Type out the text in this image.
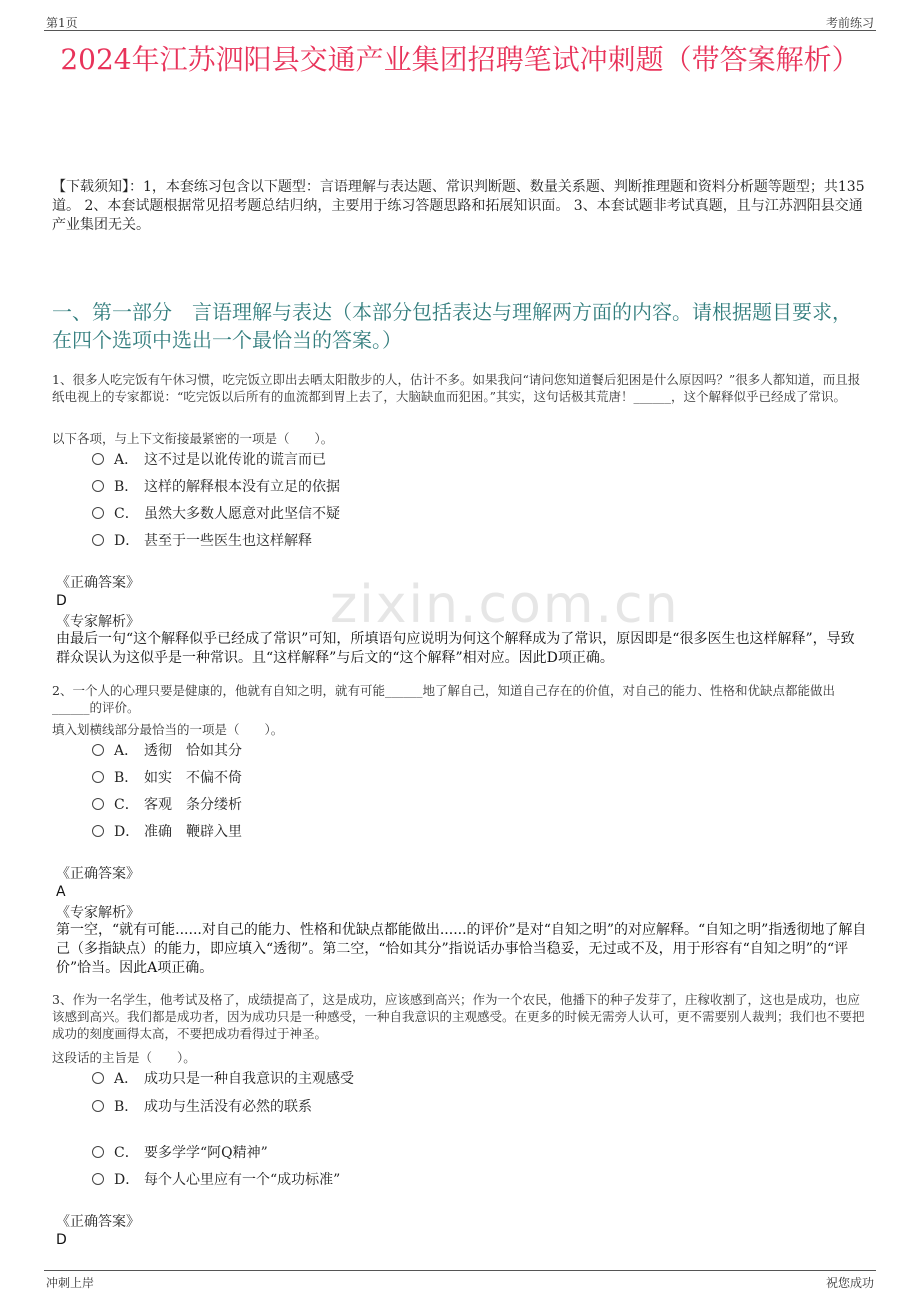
第1页	考前练习
2024年江苏泗阳县交通产业集团招聘笔试冲刺题（带答案解析）
【下载须知】：1，本套练习包含以下题型：言语理解与表达题、常识判断题、数量关系题、判断推理题和资料分析题等题型；共135道。 2、本套试题根据常见招考题总结归纳，主要用于练习答题思路和拓展知识面。 3、本套试题非考试真题，且与江苏泗阳县交通产业集团无关。
一、第一部分　言语理解与表达（本部分包括表达与理解两方面的内容。请根据题目要求，在四个选项中选出一个最恰当的答案。）
zixin.com.cn
1、很多人吃完饭有午休习惯，吃完饭立即出去晒太阳散步的人，估计不多。如果我问“请问您知道餐后犯困是什么原因吗？”很多人都知道，而且报纸电视上的专家都说：“吃完饭以后所有的血流都到胃上去了，大脑缺血而犯困。”其实，这句话极其荒唐！______，这个解释似乎已经成了常识。
以下各项，与上下文衔接最紧密的一项是（　　）。
A． 这不过是以讹传讹的谎言而已
B． 这样的解释根本没有立足的依据
C． 虽然大多数人愿意对此坚信不疑
D． 甚至于一些医生也这样解释
《正确答案》
D
《专家解析》
由最后一句“这个解释似乎已经成了常识”可知，所填语句应说明为何这个解释成为了常识，原因即是“很多医生也这样解释”，导致群众误认为这似乎是一种常识。且“这样解释”与后文的“这个解释”相对应。因此D项正确。
2、一个人的心理只要是健康的，他就有自知之明，就有可能______地了解自己，知道自己存在的价值，对自己的能力、性格和优缺点都能做出______的评价。
填入划横线部分最恰当的一项是（　　）。
A． 透彻　恰如其分
B． 如实　不偏不倚
C． 客观　条分缕析
D． 准确　鞭辟入里
《正确答案》
A
《专家解析》
第一空，“就有可能......对自己的能力、性格和优缺点都能做出......的评价”是对“自知之明”的对应解释。“自知之明”指透彻地了解自己（多指缺点）的能力，即应填入“透彻”。第二空，“恰如其分”指说话办事恰当稳妥，无过或不及，用于形容有“自知之明”的“评价”恰当。因此A项正确。
3、作为一名学生，他考试及格了，成绩提高了，这是成功，应该感到高兴；作为一个农民，他播下的种子发芽了，庄稼收割了，这也是成功，也应该感到高兴。我们都是成功者，因为成功只是一种感受，一种自我意识的主观感受。在更多的时候无需旁人认可，更不需要别人裁判；我们也不要把成功的刻度画得太高，不要把成功看得过于神圣。
这段话的主旨是（　　）。
A． 成功只是一种自我意识的主观感受
B． 成功与生活没有必然的联系
C． 要多学学“阿Q精神”
D． 每个人心里应有一个“成功标准”
《正确答案》
D
冲刺上岸	祝您成功
